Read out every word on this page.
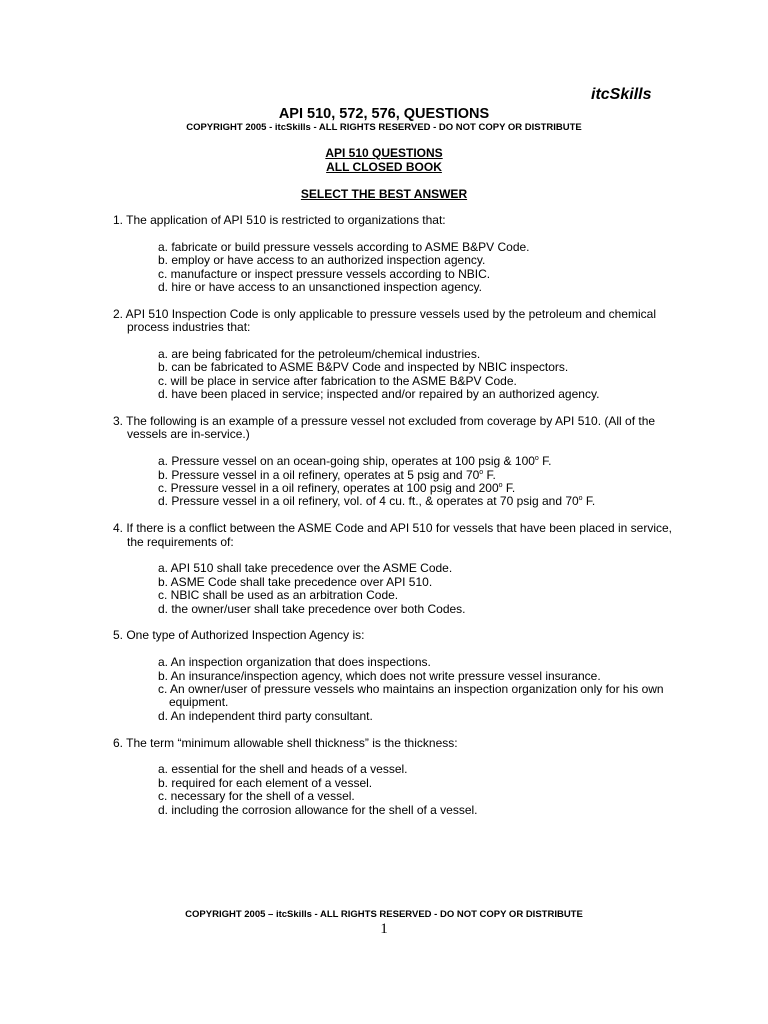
itcSkills
API 510, 572, 576, QUESTIONS
COPYRIGHT 2005 - itcSkills - ALL RIGHTS RESERVED - DO NOT COPY OR DISTRIBUTE
API 510 QUESTIONS
ALL CLOSED BOOK
SELECT THE BEST ANSWER
1. The application of API 510 is restricted to organizations that:
a. fabricate or build pressure vessels according to ASME B&PV Code.
b. employ or have access to an authorized inspection agency.
c. manufacture or inspect pressure vessels according to NBIC.
d. hire or have access to an unsanctioned inspection agency.
2. API 510 Inspection Code is only applicable to pressure vessels used by the petroleum and chemical process industries that:
a. are being fabricated for the petroleum/chemical industries.
b. can be fabricated to ASME B&PV Code and inspected by NBIC inspectors.
c. will be place in service after fabrication to the ASME B&PV Code.
d. have been placed in service; inspected and/or repaired by an authorized agency.
3. The following is an example of a pressure vessel not excluded from coverage by API 510. (All of the vessels are in-service.)
a. Pressure vessel on an ocean-going ship, operates at 100 psig & 100$^o$ F.
b. Pressure vessel in a oil refinery, operates at 5 psig and 70$^o$ F.
c. Pressure vessel in a oil refinery, operates at 100 psig and 200$^o$ F.
d. Pressure vessel in a oil refinery, vol. of 4 cu. ft., & operates at 70 psig and 70$^o$ F.
4. If there is a conflict between the ASME Code and API 510 for vessels that have been placed in service, the requirements of:
a. API 510 shall take precedence over the ASME Code.
b. ASME Code shall take precedence over API 510.
c. NBIC shall be used as an arbitration Code.
d. the owner/user shall take precedence over both Codes.
5. One type of Authorized Inspection Agency is:
a. An inspection organization that does inspections.
b. An insurance/inspection agency, which does not write pressure vessel insurance.
c. An owner/user of pressure vessels who maintains an inspection organization only for his own equipment.
d. An independent third party consultant.
6. The term “minimum allowable shell thickness” is the thickness:
a. essential for the shell and heads of a vessel.
b. required for each element of a vessel.
c. necessary for the shell of a vessel.
d. including the corrosion allowance for the shell of a vessel.
COPYRIGHT 2005 – itcSkills - ALL RIGHTS RESERVED - DO NOT COPY OR DISTRIBUTE
1
